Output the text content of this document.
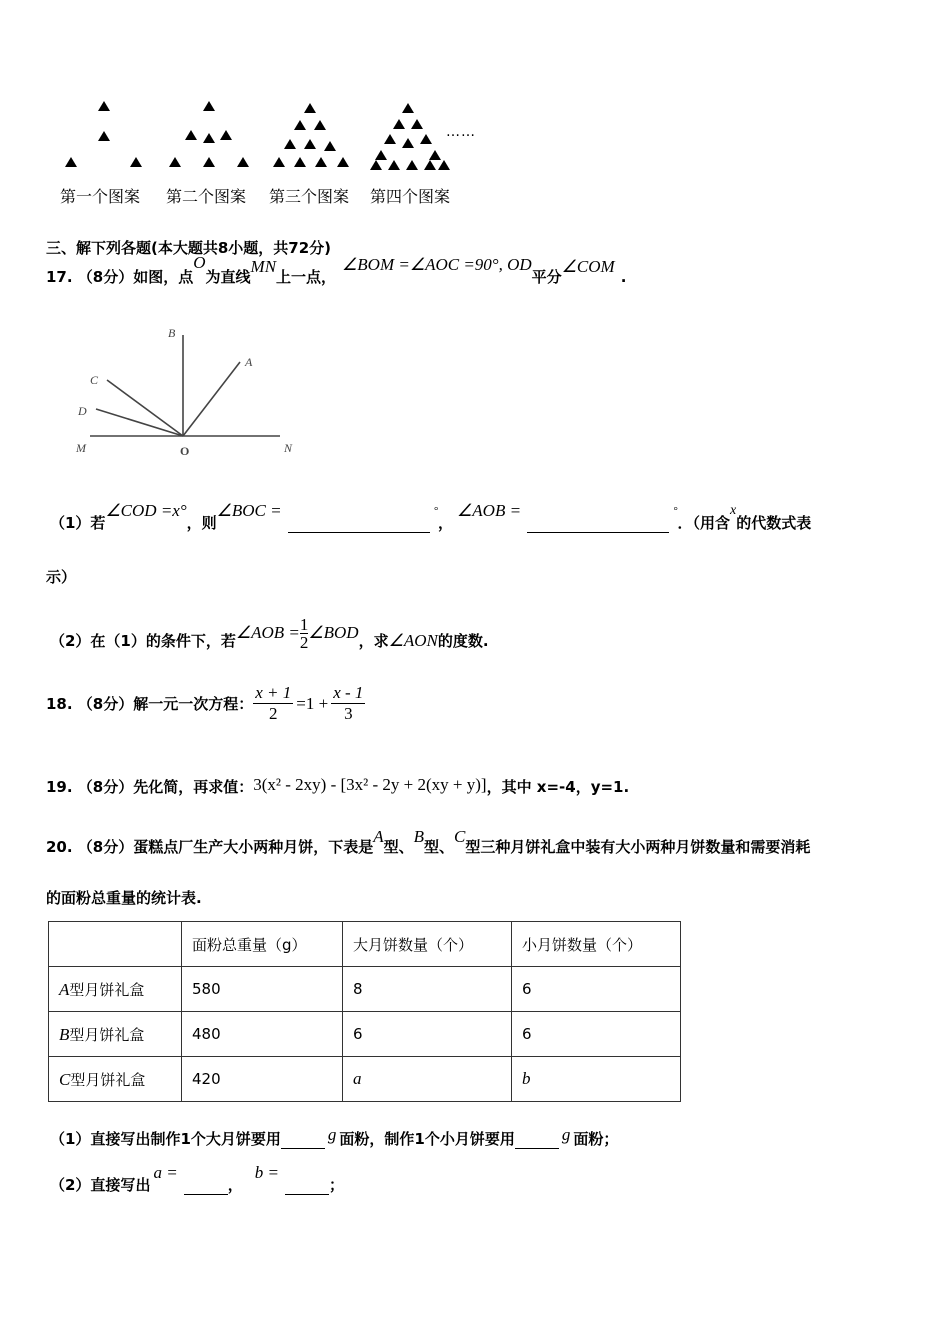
……
第一个图案 第二个图案 第三个图案 第四个图案
三、解下列各题(本大题共8小题，共72分)
17. （8分）如图，点O为直线MN上一点，∠BOM =∠AOC =90°, OD平分∠COM.
B
A
C
D
M	O	N
（1）若∠COD =x°，则∠BOC =	°，∠AOB =	°．（用含x的代数式表
示）
（2）在（1）的条件下，若∠AOB = $\frac{1}{2}$ ∠BOD，求∠AON的度数.
18. （8分）解一元一次方程： $\frac{x + 1}{2} =1 + \frac{x - 1}{3}$
19. （8分）先化简，再求值：3(x² - 2xy) - [3x² - 2y + 2(xy + y)]，其中 x=-4，y=1.
20. （8分）蛋糕点厂生产大小两种月饼，下表是A型、B型、C型三种月饼礼盒中装有大小两种月饼数量和需要消耗
的面粉总重量的统计表.
	面粉总重量（g）	大月饼数量（个）	小月饼数量（个）
A型月饼礼盒	580	8	6
B型月饼礼盒	480	6	6
C型月饼礼盒	420	a	b
（1）直接写出制作1个大月饼要用	g 面粉，制作1个小月饼要用	g 面粉；
（2）直接写出a =，b =；
